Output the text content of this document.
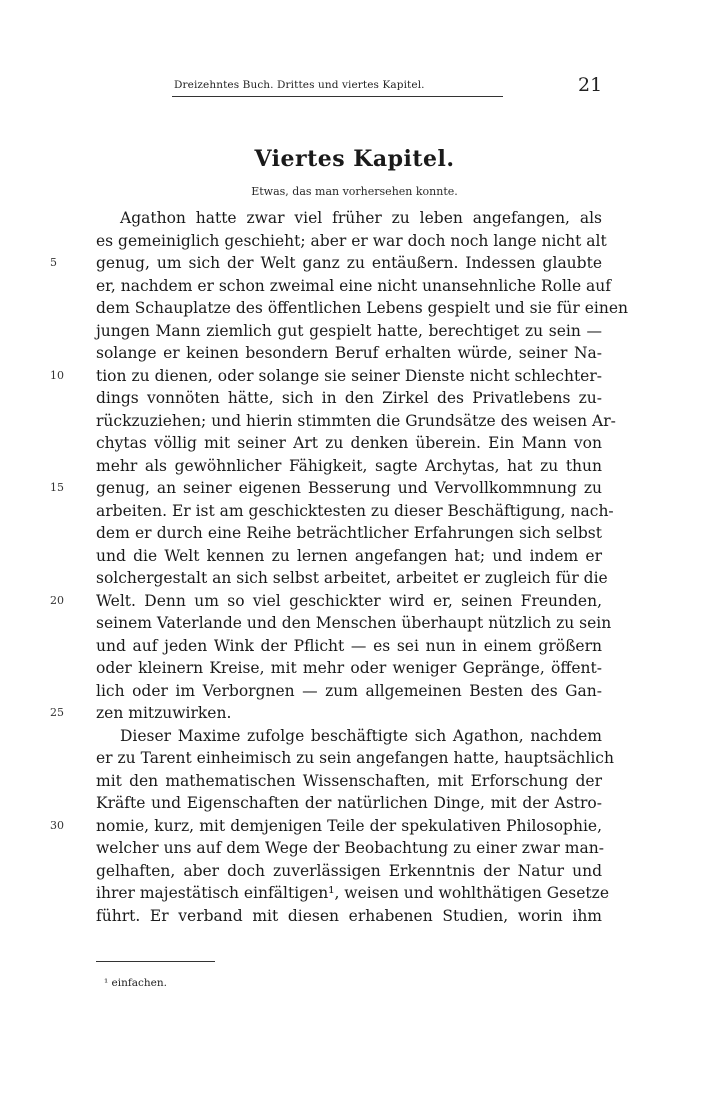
Dreizehntes Buch. Drittes und viertes Kapitel.	21
Viertes Kapitel.
Etwas, das man vorhersehen konnte.
Agathon hatte zwar viel früher zu leben angefangen, als
es gemeiniglich geschieht; aber er war doch noch lange nicht alt
5	genug, um sich der Welt ganz zu entäußern. Indessen glaubte
er, nachdem er schon zweimal eine nicht unansehnliche Rolle auf
dem Schauplatze des öffentlichen Lebens gespielt und sie für einen
jungen Mann ziemlich gut gespielt hatte, berechtiget zu sein —
solange er keinen besondern Beruf erhalten würde, seiner Na-
10	tion zu dienen, oder solange sie seiner Dienste nicht schlechter-
dings vonnöten hätte, sich in den Zirkel des Privatlebens zu-
rückzuziehen; und hierin stimmten die Grundsätze des weisen Ar-
chytas völlig mit seiner Art zu denken überein. Ein Mann von
mehr als gewöhnlicher Fähigkeit, sagte Archytas, hat zu thun
15	genug, an seiner eigenen Besserung und Vervollkommnung zu
arbeiten. Er ist am geschicktesten zu dieser Beschäftigung, nach-
dem er durch eine Reihe beträchtlicher Erfahrungen sich selbst
und die Welt kennen zu lernen angefangen hat; und indem er
solchergestalt an sich selbst arbeitet, arbeitet er zugleich für die
20	Welt. Denn um so viel geschickter wird er, seinen Freunden,
seinem Vaterlande und den Menschen überhaupt nützlich zu sein
und auf jeden Wink der Pflicht — es sei nun in einem größern
oder kleinern Kreise, mit mehr oder weniger Gepränge, öffent-
lich oder im Verborgnen — zum allgemeinen Besten des Gan-
25	zen mitzuwirken.
Dieser Maxime zufolge beschäftigte sich Agathon, nachdem
er zu Tarent einheimisch zu sein angefangen hatte, hauptsächlich
mit den mathematischen Wissenschaften, mit Erforschung der
Kräfte und Eigenschaften der natürlichen Dinge, mit der Astro-
30	nomie, kurz, mit demjenigen Teile der spekulativen Philosophie,
welcher uns auf dem Wege der Beobachtung zu einer zwar man-
gelhaften, aber doch zuverlässigen Erkenntnis der Natur und
ihrer majestätisch einfältigen¹, weisen und wohlthätigen Gesetze
führt. Er verband mit diesen erhabenen Studien, worin ihm
¹ einfachen.
